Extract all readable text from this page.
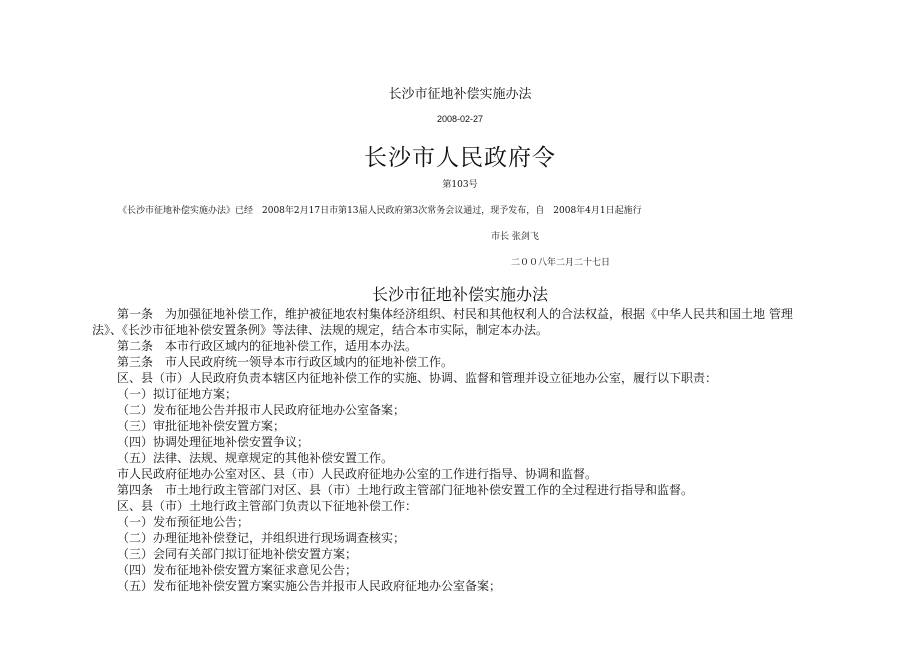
长沙市征地补偿实施办法
2008-02-27
长沙市人民政府令
第103号
《长沙市征地补偿实施办法》已经　2008年2月17日市第13届人民政府第3次常务会议通过，现予发布，自　2008年4月1日起施行
市长 张剑飞
二００八年二月二十七日
长沙市征地补偿实施办法
第一条　为加强征地补偿工作，维护被征地农村集体经济组织、村民和其他权利人的合法权益，根据《中华人民共和国土地 管理
法》、《长沙市征地补偿安置条例》等法律、法规的规定，结合本市实际，制定本办法。
第二条　本市行政区域内的征地补偿工作，适用本办法。
第三条　市人民政府统一领导本市行政区域内的征地补偿工作。
区、县（市）人民政府负责本辖区内征地补偿工作的实施、协调、监督和管理并设立征地办公室，履行以下职责：
（一）拟订征地方案；
（二）发布征地公告并报市人民政府征地办公室备案；
（三）审批征地补偿安置方案；
（四）协调处理征地补偿安置争议；
（五）法律、法规、规章规定的其他补偿安置工作。
市人民政府征地办公室对区、县（市）人民政府征地办公室的工作进行指导、协调和监督。
第四条　市土地行政主管部门对区、县（市）土地行政主管部门征地补偿安置工作的全过程进行指导和监督。
区、县（市）土地行政主管部门负责以下征地补偿工作：
（一）发布预征地公告；
（二）办理征地补偿登记，并组织进行现场调查核实；
（三）会同有关部门拟订征地补偿安置方案；
（四）发布征地补偿安置方案征求意见公告；
（五）发布征地补偿安置方案实施公告并报市人民政府征地办公室备案；
